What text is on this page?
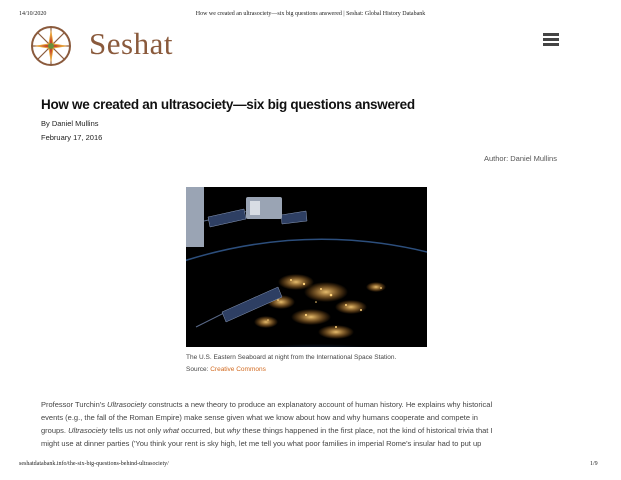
14/10/2020	How we created an ultrasociety—six big questions answered | Seshat: Global History Databank
Seshat
How we created an ultrasociety—six big questions answered
By Daniel Mullins
February 17, 2016
Author: Daniel Mullins
The U.S. Eastern Seaboard at night from the International Space Station.
Source: Creative Commons
Professor Turchin's Ultrasociety constructs a new theory to produce an explanatory account of human history. He explains why historical
events (e.g., the fall of the Roman Empire) make sense given what we know about how and why humans cooperate and compete in
groups. Ultrasociety tells us not only what occurred, but why these things happened in the first place, not the kind of historical trivia that I
might use at dinner parties ('You think your rent is sky high, let me tell you what poor families in imperial Rome's insular had to put up
seshatdatabank.info/the-six-big-questions-behind-ultrasociety/	1/9
